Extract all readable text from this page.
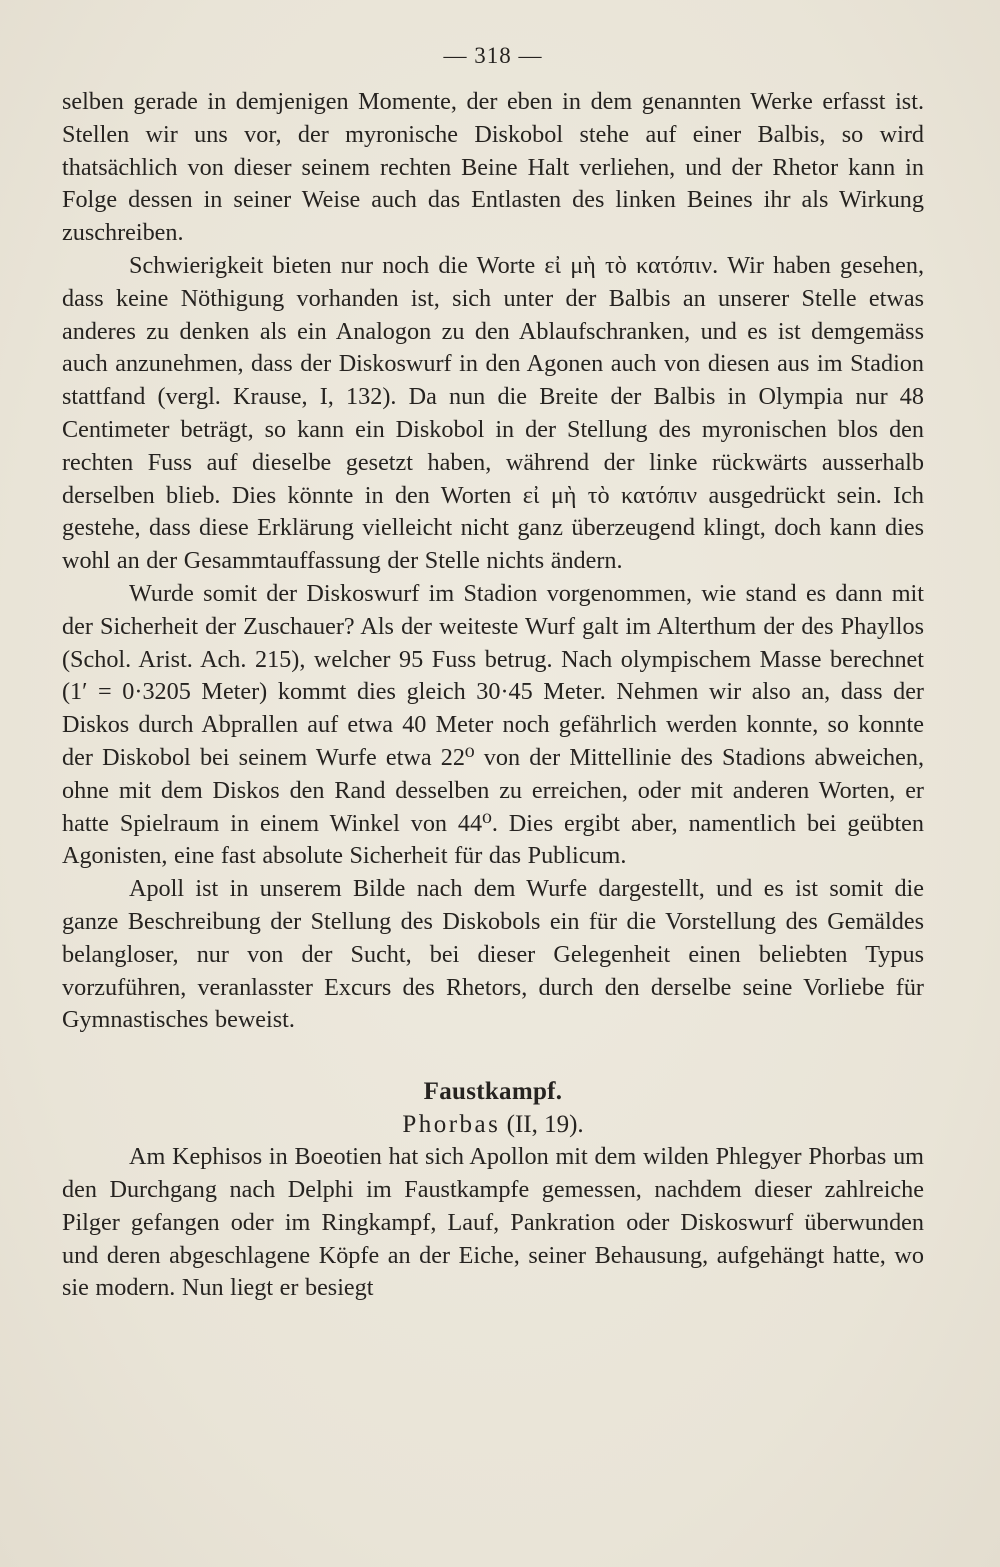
— 318 —

selben gerade in demjenigen Momente, der eben in dem genannten Werke erfasst ist. Stellen wir uns vor, der myronische Diskobol stehe auf einer Balbis, so wird thatsächlich von dieser seinem rechten Beine Halt verliehen, und der Rhetor kann in Folge dessen in seiner Weise auch das Entlasten des linken Beines ihr als Wirkung zuschreiben.

Schwierigkeit bieten nur noch die Worte εἰ μὴ τὸ κατόπιν. Wir haben gesehen, dass keine Nöthigung vorhanden ist, sich unter der Balbis an unserer Stelle etwas anderes zu denken als ein Analogon zu den Ablaufschranken, und es ist demgemäss auch anzunehmen, dass der Diskoswurf in den Agonen auch von diesen aus im Stadion stattfand (vergl. Krause, I, 132). Da nun die Breite der Balbis in Olympia nur 48 Centimeter beträgt, so kann ein Diskobol in der Stellung des myronischen blos den rechten Fuss auf dieselbe gesetzt haben, während der linke rückwärts ausserhalb derselben blieb. Dies könnte in den Worten εἰ μὴ τὸ κατόπιν ausgedrückt sein. Ich gestehe, dass diese Erklärung vielleicht nicht ganz überzeugend klingt, doch kann dies wohl an der Gesammtauffassung der Stelle nichts ändern.

Wurde somit der Diskoswurf im Stadion vorgenommen, wie stand es dann mit der Sicherheit der Zuschauer? Als der weiteste Wurf galt im Alterthum der des Phayllos (Schol. Arist. Ach. 215), welcher 95 Fuss betrug. Nach olympischem Masse berechnet (1′ = 0·3205 Meter) kommt dies gleich 30·45 Meter. Nehmen wir also an, dass der Diskos durch Abprallen auf etwa 40 Meter noch gefährlich werden konnte, so konnte der Diskobol bei seinem Wurfe etwa 22⁰ von der Mittellinie des Stadions abweichen, ohne mit dem Diskos den Rand desselben zu erreichen, oder mit anderen Worten, er hatte Spielraum in einem Winkel von 44⁰. Dies ergibt aber, namentlich bei geübten Agonisten, eine fast absolute Sicherheit für das Publicum.

Apoll ist in unserem Bilde nach dem Wurfe dargestellt, und es ist somit die ganze Beschreibung der Stellung des Diskobols ein für die Vorstellung des Gemäldes belangloser, nur von der Sucht, bei dieser Gelegenheit einen beliebten Typus vorzuführen, veranlasster Excurs des Rhetors, durch den derselbe seine Vorliebe für Gymnastisches beweist.

Faustkampf.
Phorbas (II, 19).

Am Kephisos in Boeotien hat sich Apollon mit dem wilden Phlegyer Phorbas um den Durchgang nach Delphi im Faustkampfe gemessen, nachdem dieser zahlreiche Pilger gefangen oder im Ringkampf, Lauf, Pankration oder Diskoswurf überwunden und deren abgeschlagene Köpfe an der Eiche, seiner Behausung, aufgehängt hatte, wo sie modern. Nun liegt er besiegt
